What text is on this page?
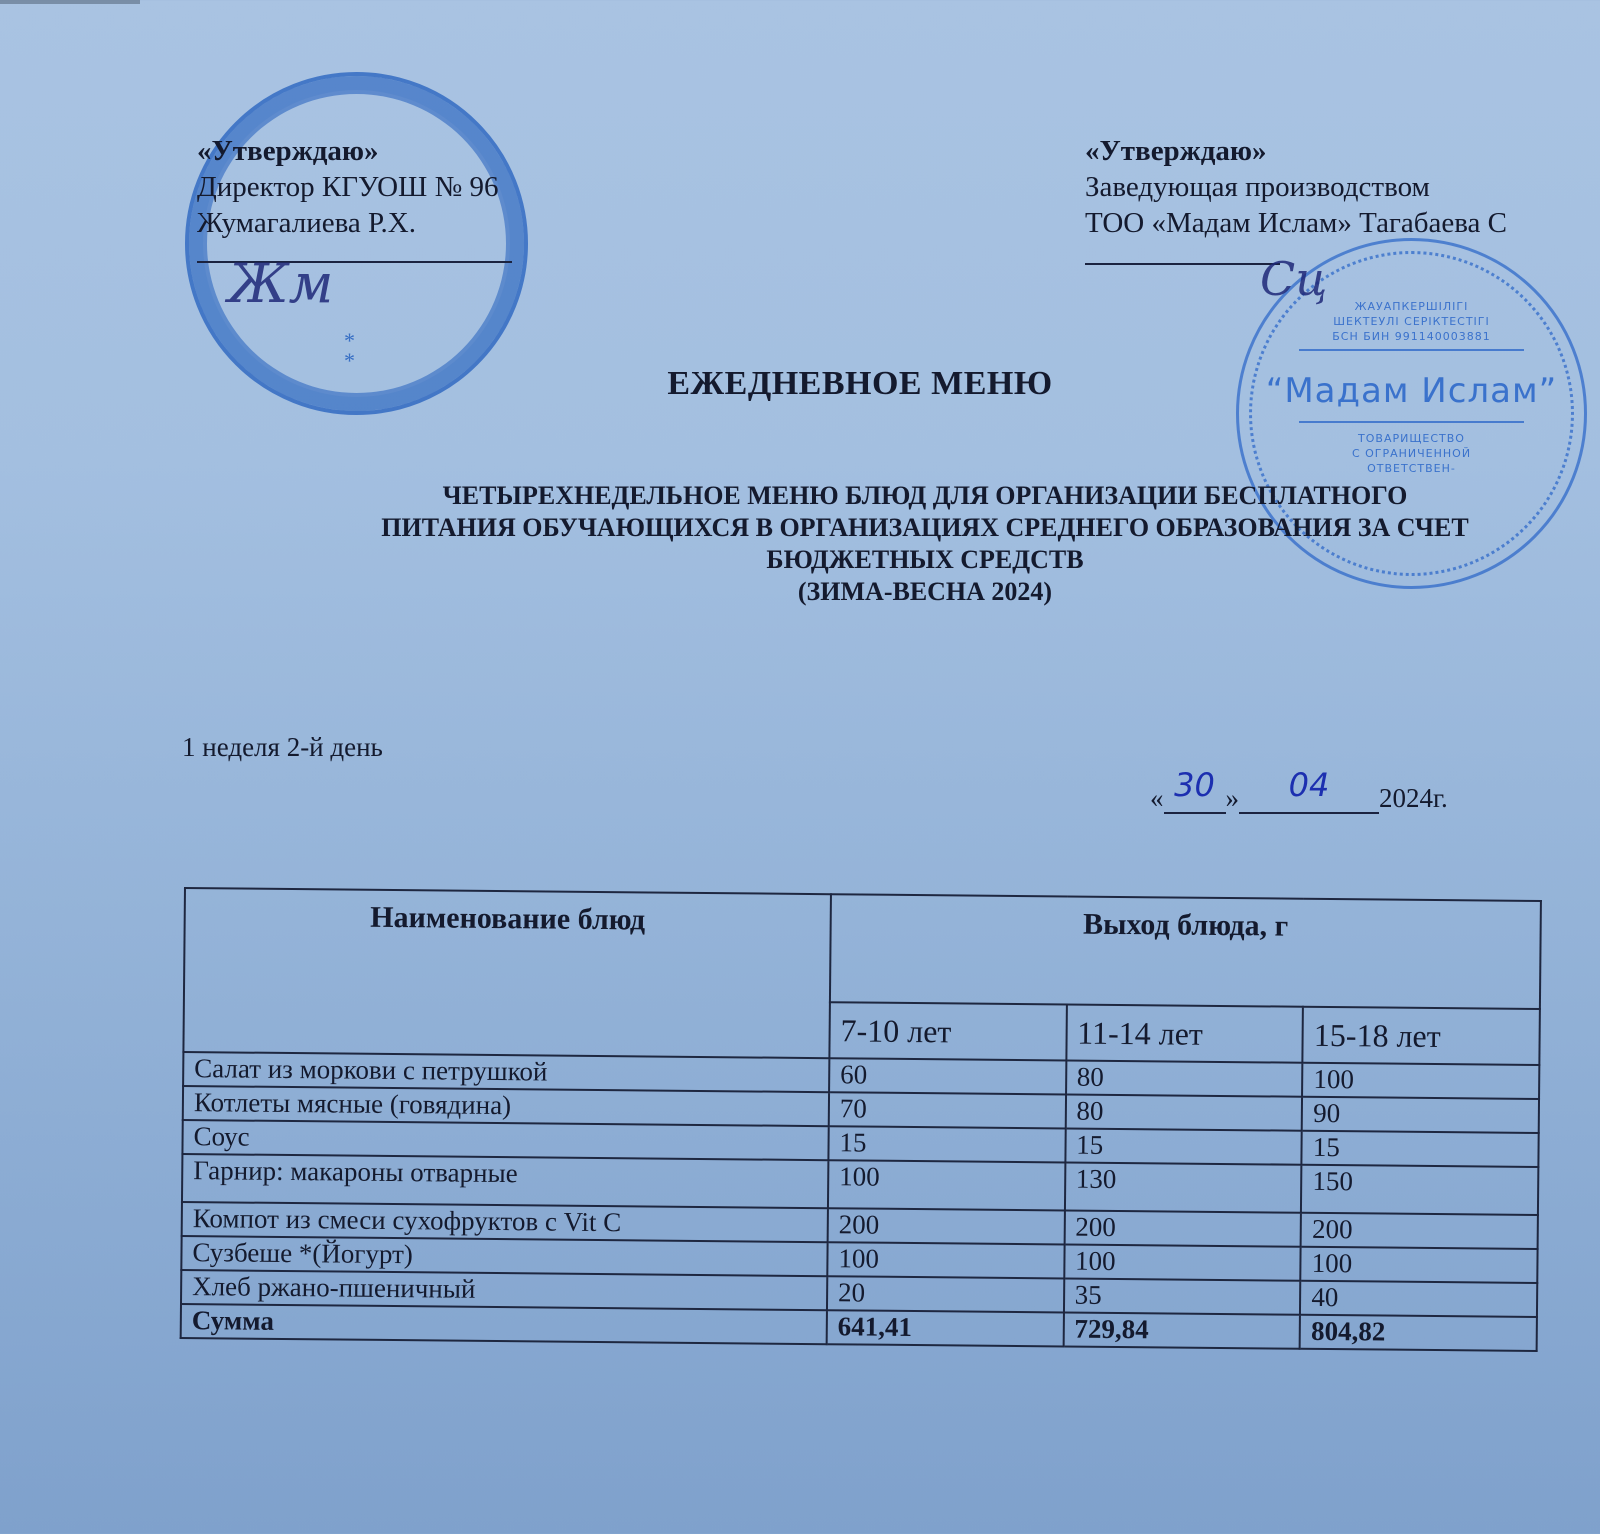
*
*
«Утверждаю»
Директор КГУОШ № 96
Жумагалиева Р.Х.
Жм	ЖАУАПКЕРШІЛІГІ
ШЕКТЕУЛІ СЕРІКТЕСТІГІ
БСН БИН 991140003881
“Мадам Ислам”
ТОВАРИЩЕСТВО
С ОГРАНИЧЕННОЙ
ОТВЕТСТВЕН-
«Утверждаю»
Заведующая производством
ТОО «Мадам Ислам» Тагабаева С
Сц
ЕЖЕДНЕВНОЕ МЕНЮ
ЧЕТЫРЕХНЕДЕЛЬНОЕ МЕНЮ БЛЮД ДЛЯ ОРГАНИЗАЦИИ БЕСПЛАТНОГО
ПИТАНИЯ ОБУЧАЮЩИХСЯ В ОРГАНИЗАЦИЯХ СРЕДНЕГО ОБРАЗОВАНИЯ ЗА СЧЕТ
БЮДЖЕТНЫХ СРЕДСТВ
(ЗИМА-ВЕСНА 2024)
1 неделя 2-й день
« 30 »	04	2024г.
Наименование блюд	Выход блюда, г		
	7-10 лет	11-14 лет	15-18 лет
Салат из моркови с петрушкой	60	80	100
Котлеты мясные (говядина)	70	80	90
Соус	15	15	15
Гарнир: макароны отварные	100	130	150
Компот из смеси сухофруктов с Vit C	200	200	200
Сузбеше *(Йогурт)	100	100	100
Хлеб ржано-пшеничный	20	35	40
Сумма	641,41	729,84	804,82
